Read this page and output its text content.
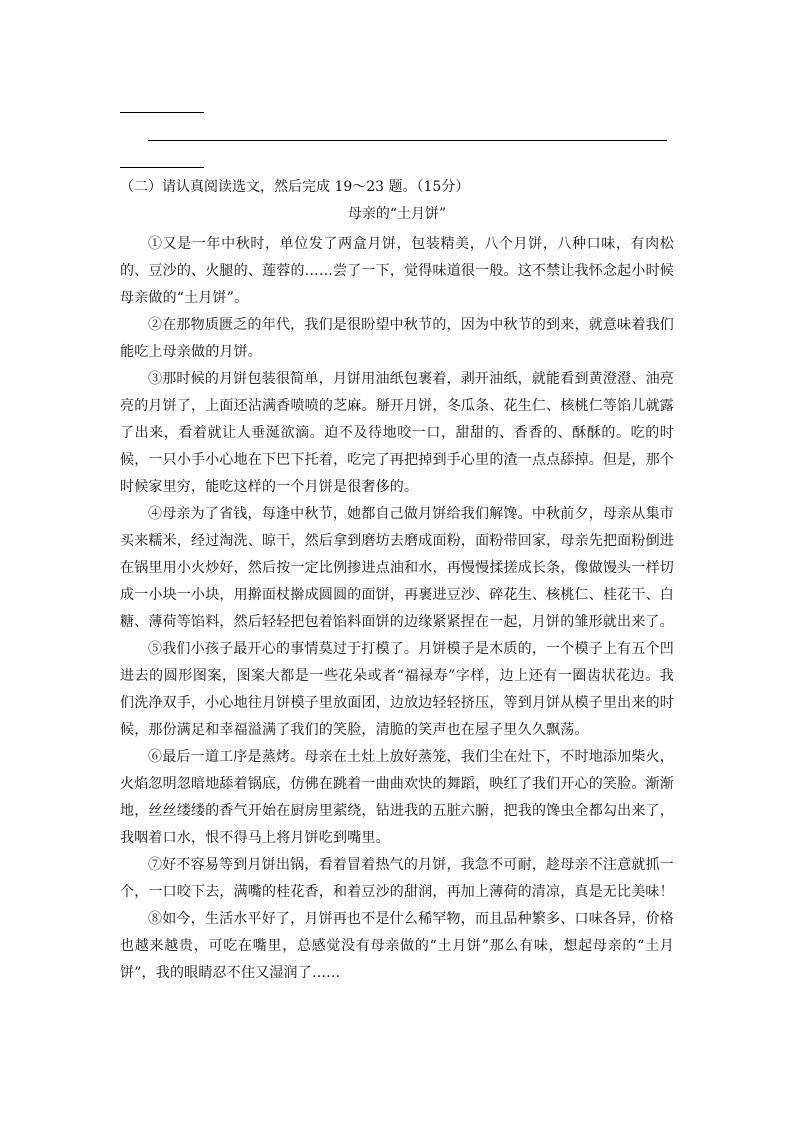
（二）请认真阅读选文，然后完成 19～23 题。（15分）
母亲的“土月饼”

①又是一年中秋时，单位发了两盒月饼，包装精美，八个月饼，八种口味，有肉松的、豆沙的、火腿的、莲蓉的……尝了一下，觉得味道很一般。这不禁让我怀念起小时候母亲做的“土月饼”。

②在那物质匮乏的年代，我们是很盼望中秋节的，因为中秋节的到来，就意味着我们能吃上母亲做的月饼。

③那时候的月饼包装很简单，月饼用油纸包裹着，剥开油纸，就能看到黄澄澄、油亮亮的月饼了，上面还沾满香喷喷的芝麻。掰开月饼，冬瓜条、花生仁、核桃仁等馅儿就露了出来，看着就让人垂涎欲滴。迫不及待地咬一口，甜甜的、香香的、酥酥的。吃的时候，一只小手小心地在下巴下托着，吃完了再把掉到手心里的渣一点点舔掉。但是，那个时候家里穷，能吃这样的一个月饼是很奢侈的。

④母亲为了省钱，每逢中秋节，她都自己做月饼给我们解馋。中秋前夕，母亲从集市买来糯米，经过淘洗、晾干，然后拿到磨坊去磨成面粉，面粉带回家，母亲先把面粉倒进在锅里用小火炒好，然后按一定比例掺进点油和水，再慢慢揉搓成长条，像做馒头一样切成一小块一小块，用擀面杖擀成圆圆的面饼，再裹进豆沙、碎花生、核桃仁、桂花干、白糖、薄荷等馅料，然后轻轻把包着馅料面饼的边缘紧紧捏在一起，月饼的雏形就出来了。

⑤我们小孩子最开心的事情莫过于打模了。月饼模子是木质的，一个模子上有五个凹进去的圆形图案，图案大都是一些花朵或者“福禄寿”字样，边上还有一圈齿状花边。我们洗净双手，小心地往月饼模子里放面团，边放边轻轻挤压，等到月饼从模子里出来的时候，那份满足和幸福溢满了我们的笑脸，清脆的笑声也在屋子里久久飘荡。

⑥最后一道工序是蒸烤。母亲在土灶上放好蒸笼，我们尘在灶下，不时地添加柴火，火焰忽明忽暗地舔着锅底，仿佛在跳着一曲曲欢快的舞蹈，映红了我们开心的笑脸。渐渐地，丝丝缕缕的香气开始在厨房里萦绕，钻进我的五脏六腑，把我的馋虫全都勾出来了，我咽着口水，恨不得马上将月饼吃到嘴里。

⑦好不容易等到月饼出锅，看着冒着热气的月饼，我急不可耐，趁母亲不注意就抓一个，一口咬下去，满嘴的桂花香，和着豆沙的甜润，再加上薄荷的清凉，真是无比美味！

⑧如今，生活水平好了，月饼再也不是什么稀罕物，而且品种繁多、口味各异，价格也越来越贵，可吃在嘴里，总感觉没有母亲做的“土月饼”那么有味，想起母亲的“土月饼”，我的眼睛忍不住又湿润了……
